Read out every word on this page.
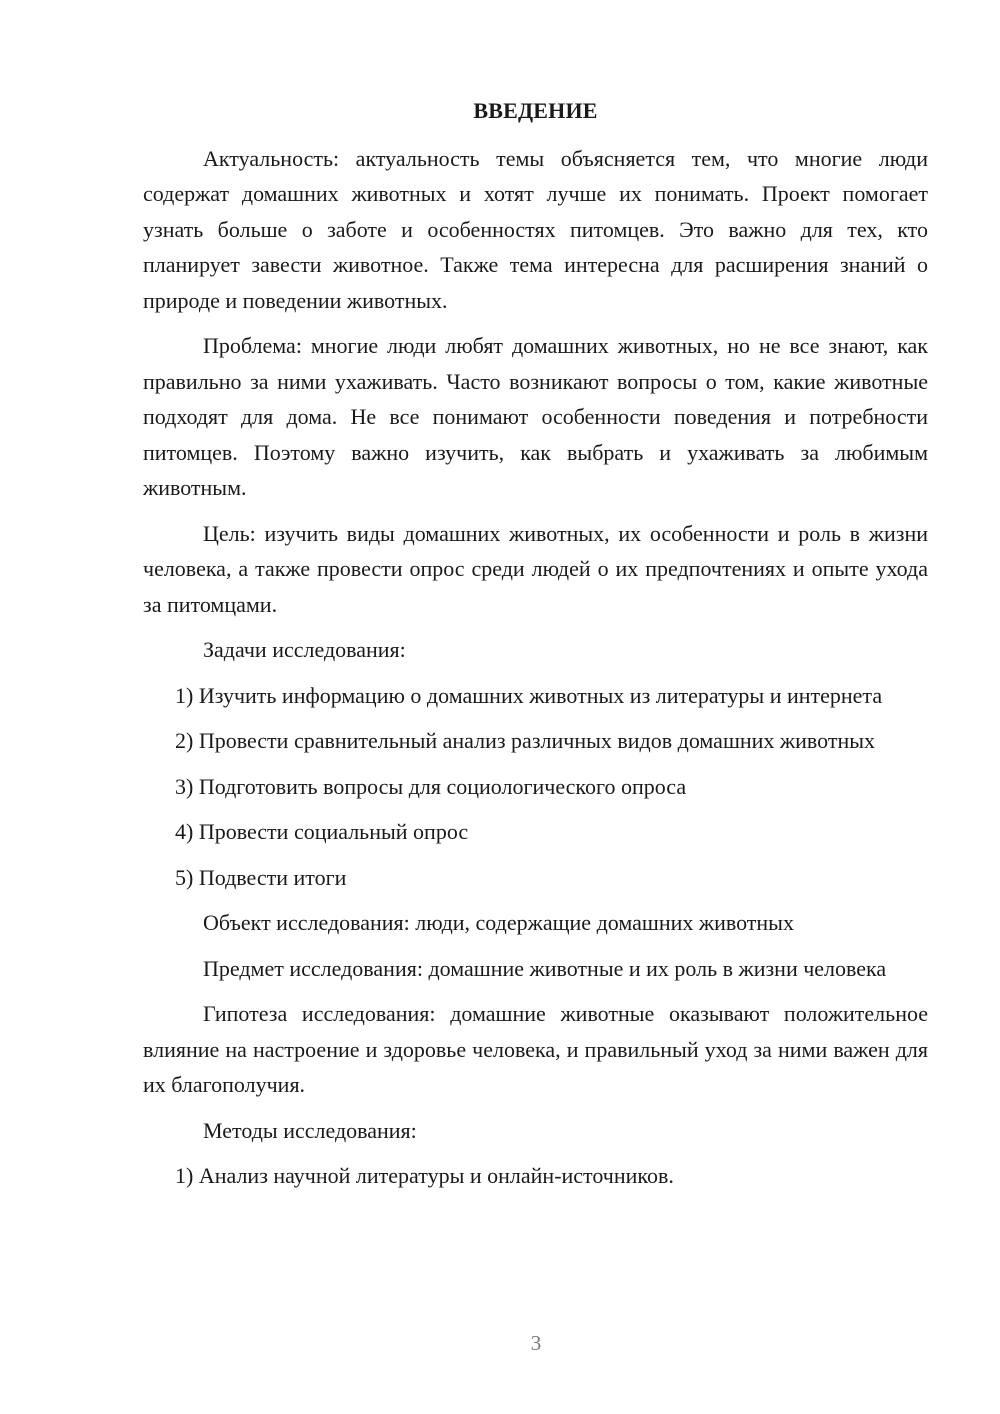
ВВЕДЕНИЕ

Актуальность: актуальность темы объясняется тем, что многие люди содержат домашних животных и хотят лучше их понимать. Проект помогает узнать больше о заботе и особенностях питомцев. Это важно для тех, кто планирует завести животное. Также тема интересна для расширения знаний о природе и поведении животных.

Проблема: многие люди любят домашних животных, но не все знают, как правильно за ними ухаживать. Часто возникают вопросы о том, какие животные подходят для дома. Не все понимают особенности поведения и потребности питомцев. Поэтому важно изучить, как выбрать и ухаживать за любимым животным.

Цель: изучить виды домашних животных, их особенности и роль в жизни человека, а также провести опрос среди людей о их предпочтениях и опыте ухода за питомцами.

Задачи исследования:

1) Изучить информацию о домашних животных из литературы и интернета

2) Провести сравнительный анализ различных видов домашних животных

3) Подготовить вопросы для социологического опроса

4) Провести социальный опрос

5) Подвести итоги

Объект исследования: люди, содержащие домашних животных

Предмет исследования: домашние животные и их роль в жизни человека

Гипотеза исследования: домашние животные оказывают положительное влияние на настроение и здоровье человека, и правильный уход за ними важен для их благополучия.

Методы исследования:

1) Анализ научной литературы и онлайн-источников.

3
